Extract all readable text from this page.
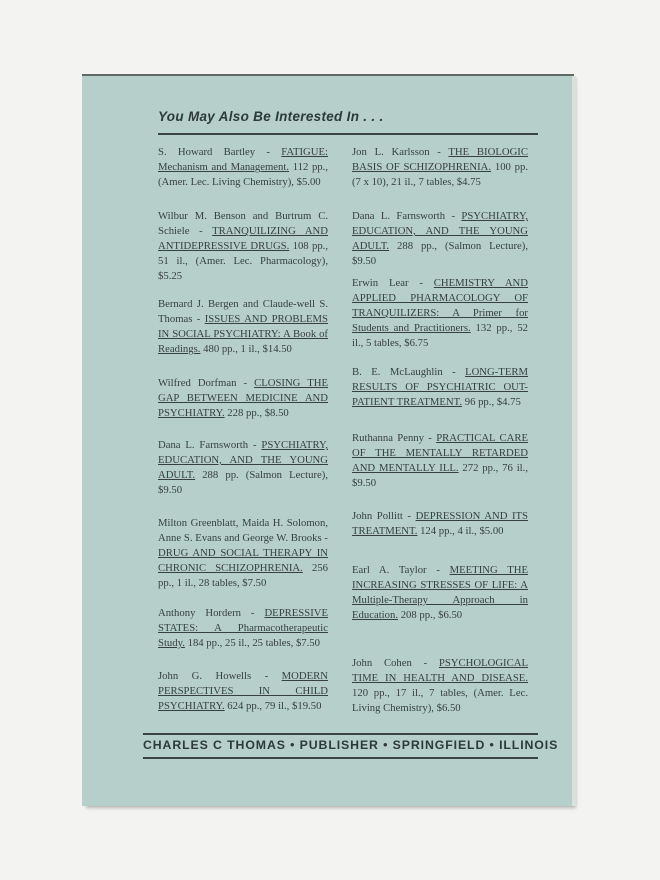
You May Also Be Interested In . . .
S. Howard Bartley - FATIGUE: Mechanism and Management. 112 pp., (Amer. Lec. Living Chemistry), $5.00
Wilbur M. Benson and Burtrum C. Schiele - TRANQUILIZING AND ANTIDEPRESSIVE DRUGS. 108 pp., 51 il., (Amer. Lec. Pharmacology), $5.25
Bernard J. Bergen and Claude-well S. Thomas - ISSUES AND PROBLEMS IN SOCIAL PSYCHIATRY: A Book of Readings. 480 pp., 1 il., $14.50
Wilfred Dorfman - CLOSING THE GAP BETWEEN MEDICINE AND PSYCHIATRY. 228 pp., $8.50
Dana L. Farnsworth - PSYCHIATRY, EDUCATION, AND THE YOUNG ADULT. 288 pp. (Salmon Lecture), $9.50
Milton Greenblatt, Maida H. Solomon, Anne S. Evans and George W. Brooks - DRUG AND SOCIAL THERAPY IN CHRONIC SCHIZOPHRENIA. 256 pp., 1 il., 28 tables, $7.50
Anthony Hordern - DEPRESSIVE STATES: A Pharmacotherapeutic Study. 184 pp., 25 il., 25 tables, $7.50
John G. Howells - MODERN PERSPECTIVES IN CHILD PSYCHIATRY. 624 pp., 79 il., $19.50
Jon L. Karlsson - THE BIOLOGIC BASIS OF SCHIZOPHRENIA. 100 pp. (7 x 10), 21 il., 7 tables, $4.75
Dana L. Farnsworth - PSYCHIATRY, EDUCATION, AND THE YOUNG ADULT. 288 pp., (Salmon Lecture), $9.50
Erwin Lear - CHEMISTRY AND APPLIED PHARMACOLOGY OF TRANQUILIZERS: A Primer for Students and Practitioners. 132 pp., 52 il., 5 tables, $6.75
B. E. McLaughlin - LONG-TERM RESULTS OF PSYCHIATRIC OUT-PATIENT TREATMENT. 96 pp., $4.75
Ruthanna Penny - PRACTICAL CARE OF THE MENTALLY RETARDED AND MENTALLY ILL. 272 pp., 76 il., $9.50
John Pollitt - DEPRESSION AND ITS TREATMENT. 124 pp., 4 il., $5.00
Earl A. Taylor - MEETING THE INCREASING STRESSES OF LIFE: A Multiple-Therapy Approach in Education. 208 pp., $6.50
John Cohen - PSYCHOLOGICAL TIME IN HEALTH AND DISEASE. 120 pp., 17 il., 7 tables, (Amer. Lec. Living Chemistry), $6.50
CHARLES C THOMAS • PUBLISHER • SPRINGFIELD • ILLINOIS
